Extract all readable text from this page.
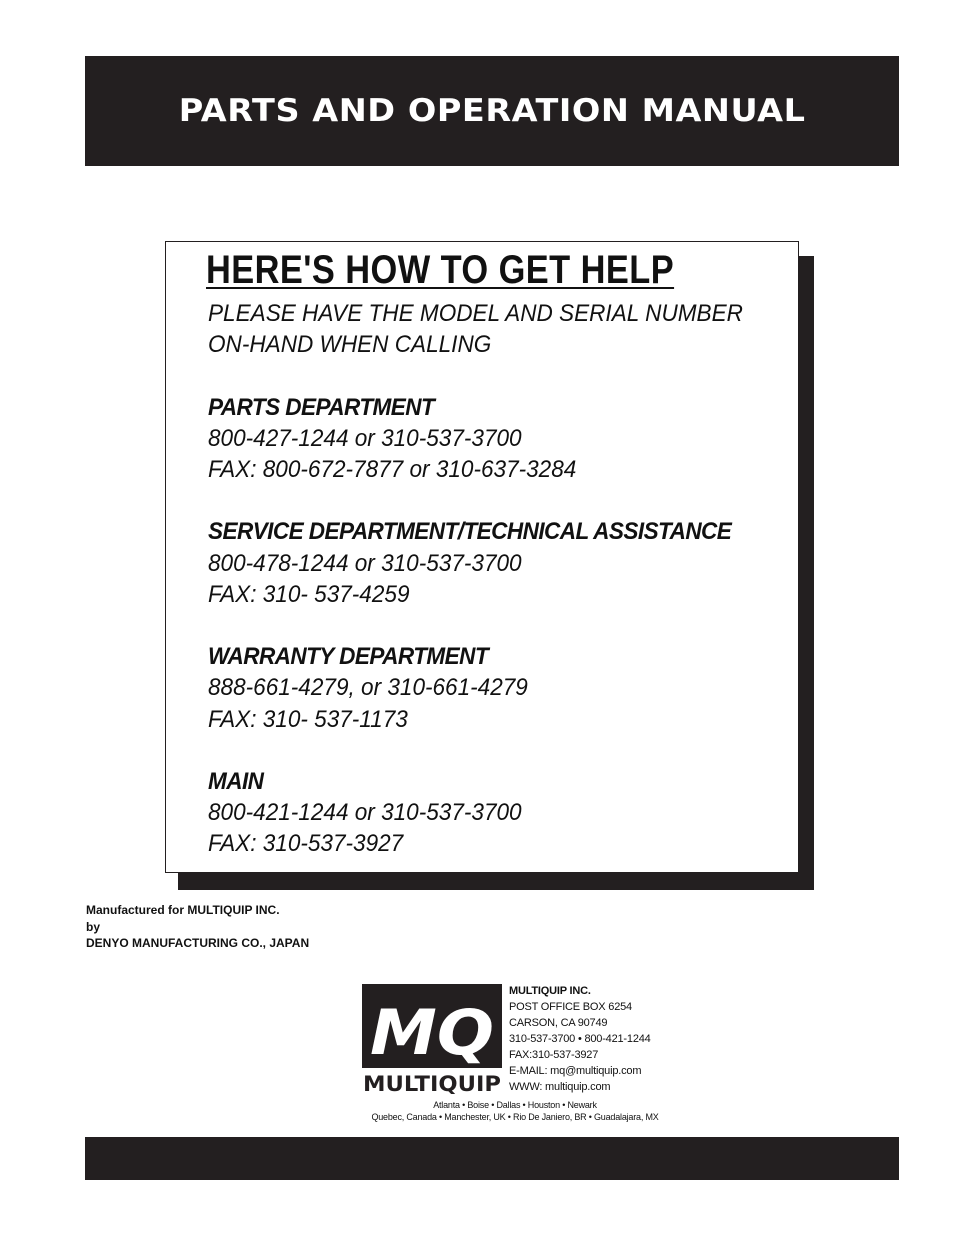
PARTS AND OPERATION MANUAL
HERE'S HOW TO GET HELP
PLEASE HAVE THE MODEL AND SERIAL NUMBER
ON-HAND WHEN CALLING
PARTS DEPARTMENT
800-427-1244 or 310-537-3700
FAX: 800-672-7877 or 310-637-3284
SERVICE DEPARTMENT/TECHNICAL ASSISTANCE
800-478-1244 or 310-537-3700
FAX: 310- 537-4259
WARRANTY DEPARTMENT
888-661-4279, or 310-661-4279
FAX: 310- 537-1173
MAIN
800-421-1244 or 310-537-3700
FAX: 310-537-3927
Manufactured for MULTIQUIP INC.
by
DENYO MANUFACTURING CO., JAPAN
MQ
MULTIQUIP
MULTIQUIP INC.
POST OFFICE BOX 6254
CARSON, CA 90749
310-537-3700 • 800-421-1244
FAX:310-537-3927
E-MAIL: mq@multiquip.com
WWW: multiquip.com
Atlanta • Boise • Dallas • Houston • Newark
Quebec, Canada • Manchester, UK • Rio De Janiero, BR • Guadalajara, MX
